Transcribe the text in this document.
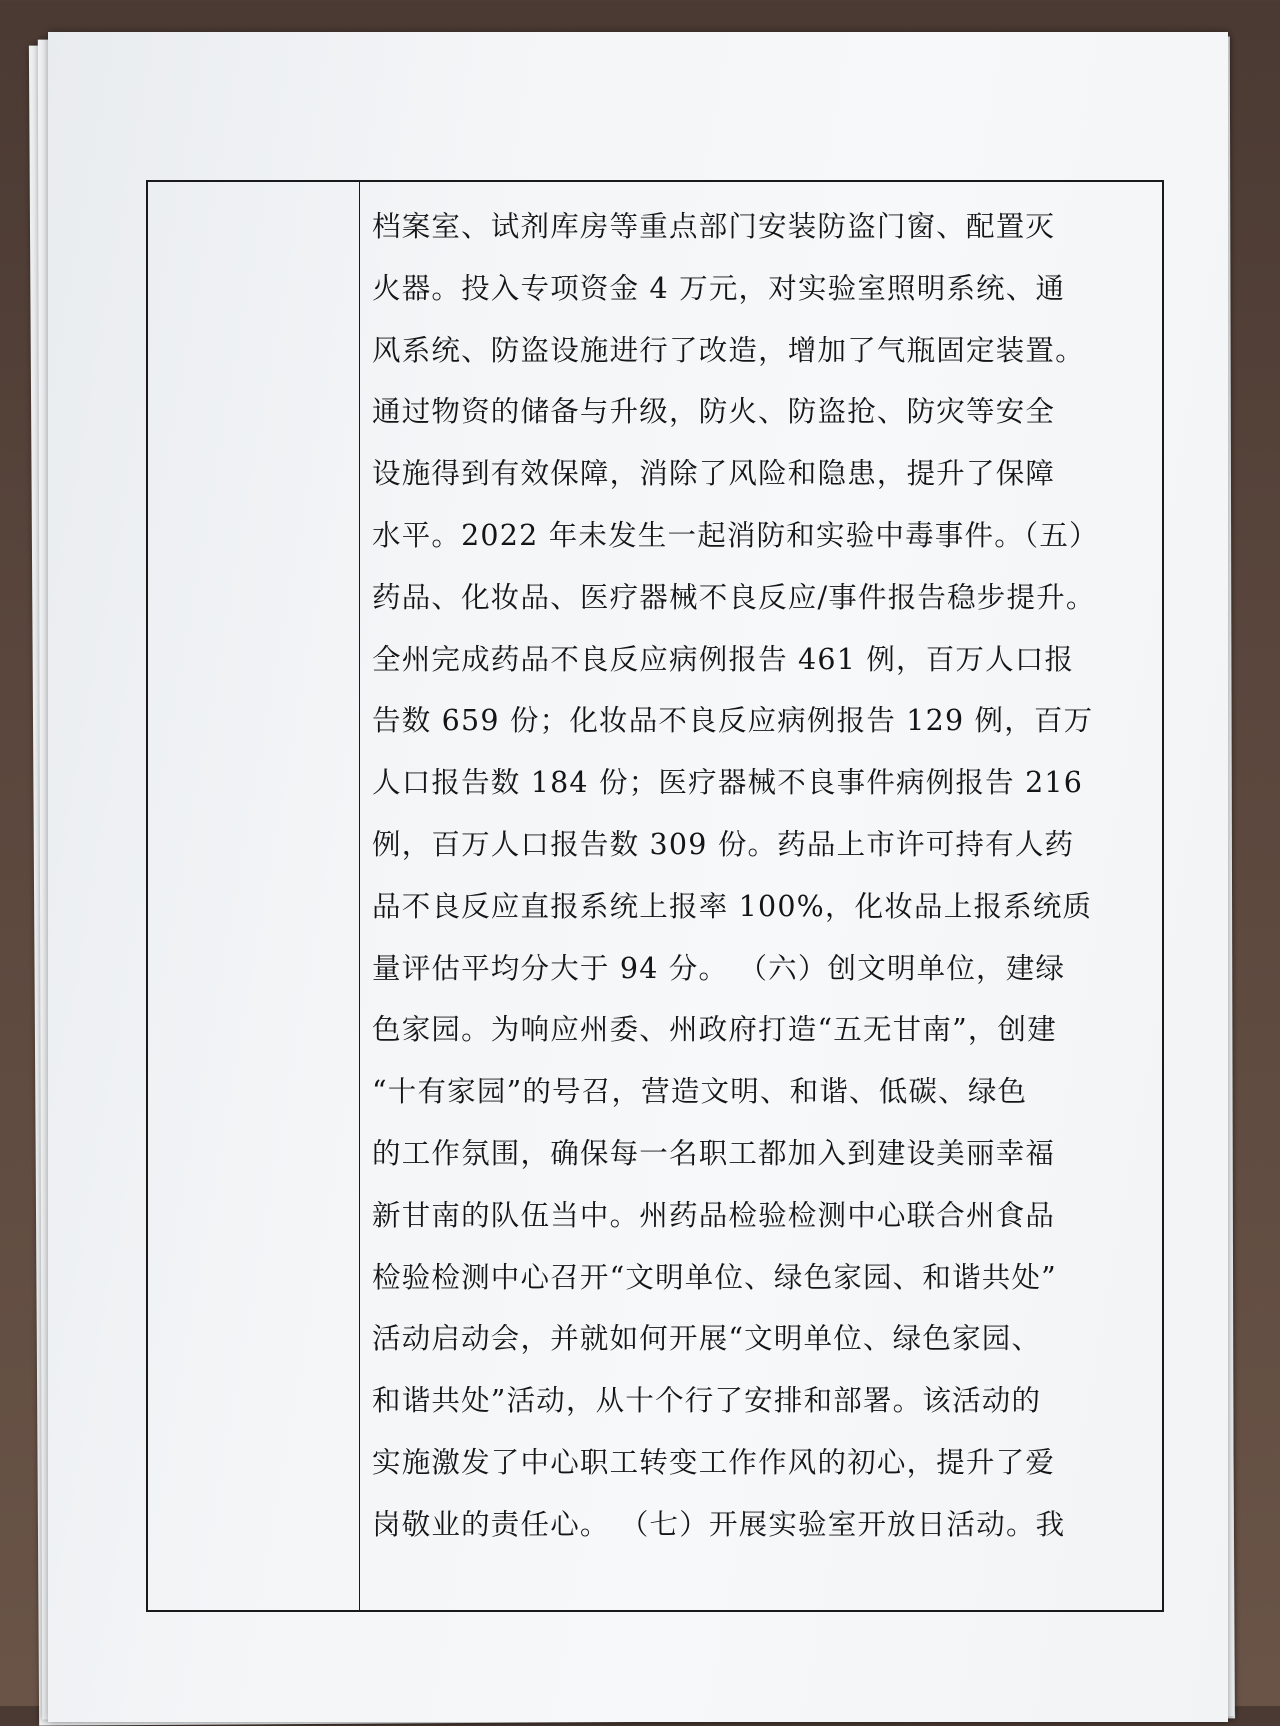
档案室、试剂库房等重点部门安装防盗门窗、配置灭
火器。投入专项资金 4 万元，对实验室照明系统、通
风系统、防盗设施进行了改造，增加了气瓶固定装置。
通过物资的储备与升级，防火、防盗抢、防灾等安全
设施得到有效保障，消除了风险和隐患，提升了保障
水平。2022 年未发生一起消防和实验中毒事件。（五）
药品、化妆品、医疗器械不良反应/事件报告稳步提升。
全州完成药品不良反应病例报告 461 例，百万人口报
告数 659 份；化妆品不良反应病例报告 129 例，百万
人口报告数 184 份；医疗器械不良事件病例报告 216
例，百万人口报告数 309 份。药品上市许可持有人药
品不良反应直报系统上报率 100%，化妆品上报系统质
量评估平均分大于 94 分。 （六）创文明单位，建绿
色家园。为响应州委、州政府打造“五无甘南”，创建
“十有家园”的号召，营造文明、和谐、低碳、绿色
的工作氛围，确保每一名职工都加入到建设美丽幸福
新甘南的队伍当中。州药品检验检测中心联合州食品
检验检测中心召开“文明单位、绿色家园、和谐共处”
活动启动会，并就如何开展“文明单位、绿色家园、
和谐共处”活动，从十个行了安排和部署。该活动的
实施激发了中心职工转变工作作风的初心，提升了爱
岗敬业的责任心。 （七）开展实验室开放日活动。我
